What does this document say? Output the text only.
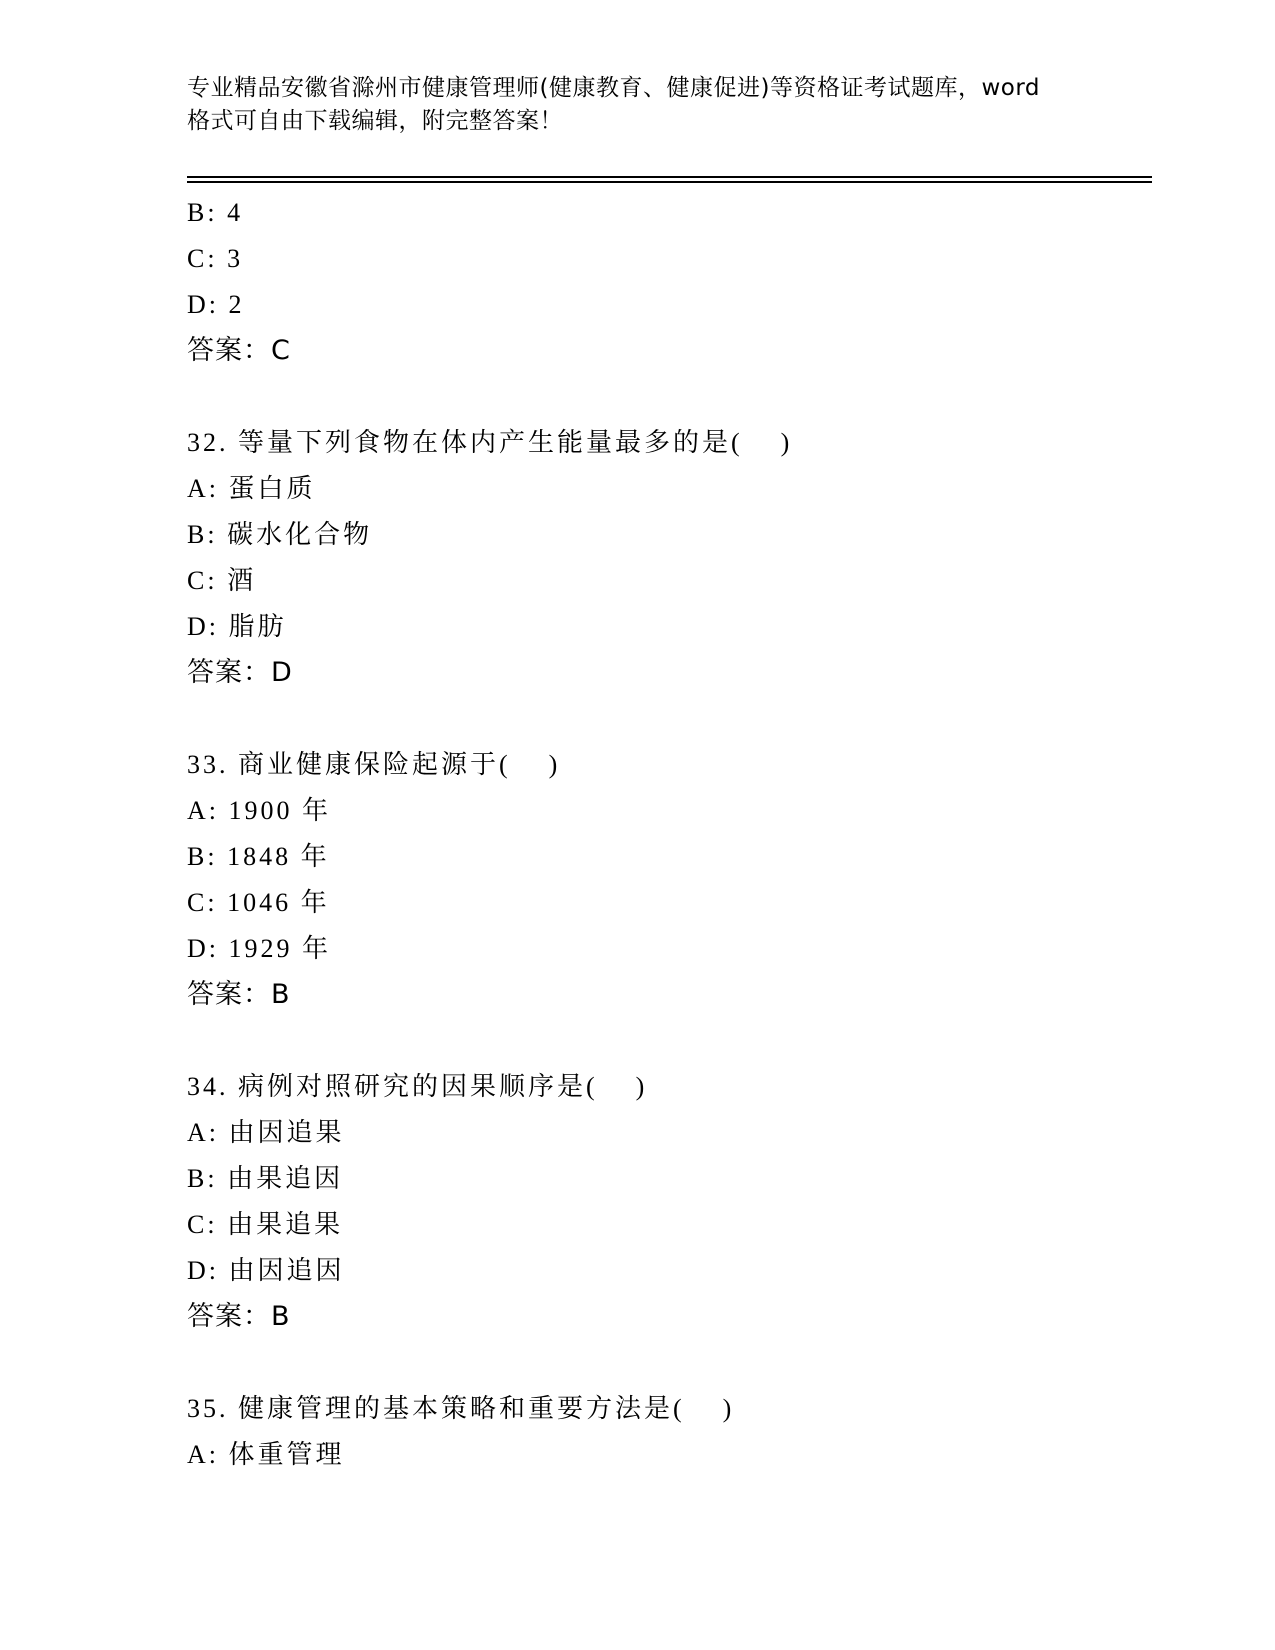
专业精品安徽省滁州市健康管理师(健康教育、健康促进)等资格证考试题库，word
格式可自由下载编辑，附完整答案！
B: 4
C: 3
D: 2
答案：C
32. 等量下列食物在体内产生能量最多的是(    )
A: 蛋白质
B: 碳水化合物
C: 酒
D: 脂肪
答案：D
33. 商业健康保险起源于(    )
A: 1900 年
B: 1848 年
C: 1046 年
D: 1929 年
答案：B
34. 病例对照研究的因果顺序是(    )
A: 由因追果
B: 由果追因
C: 由果追果
D: 由因追因
答案：B
35. 健康管理的基本策略和重要方法是(    )
A: 体重管理
